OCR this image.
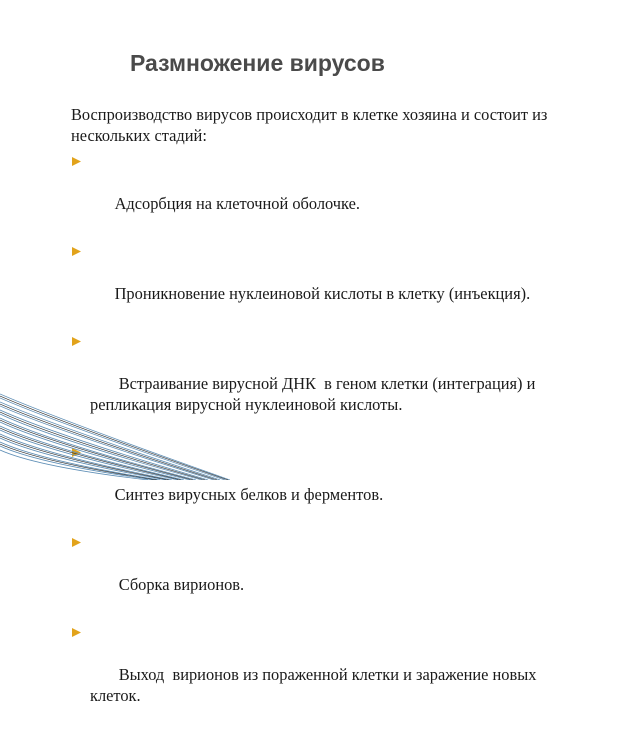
Размножение вирусов
Воспроизводство вирусов происходит в клетке хозяина и состоит из нескольких стадий:

Адсорбция на клеточной оболочке.

Проникновение нуклеиновой кислоты в клетку (инъекция).

Встраивание вирусной ДНК  в геном клетки (интеграция) и репликация вирусной нуклеиновой кислоты.

Синтез вирусных белков и ферментов.

Сборка вирионов.

Выход  вирионов из пораженной клетки и заражение новых клеток.
